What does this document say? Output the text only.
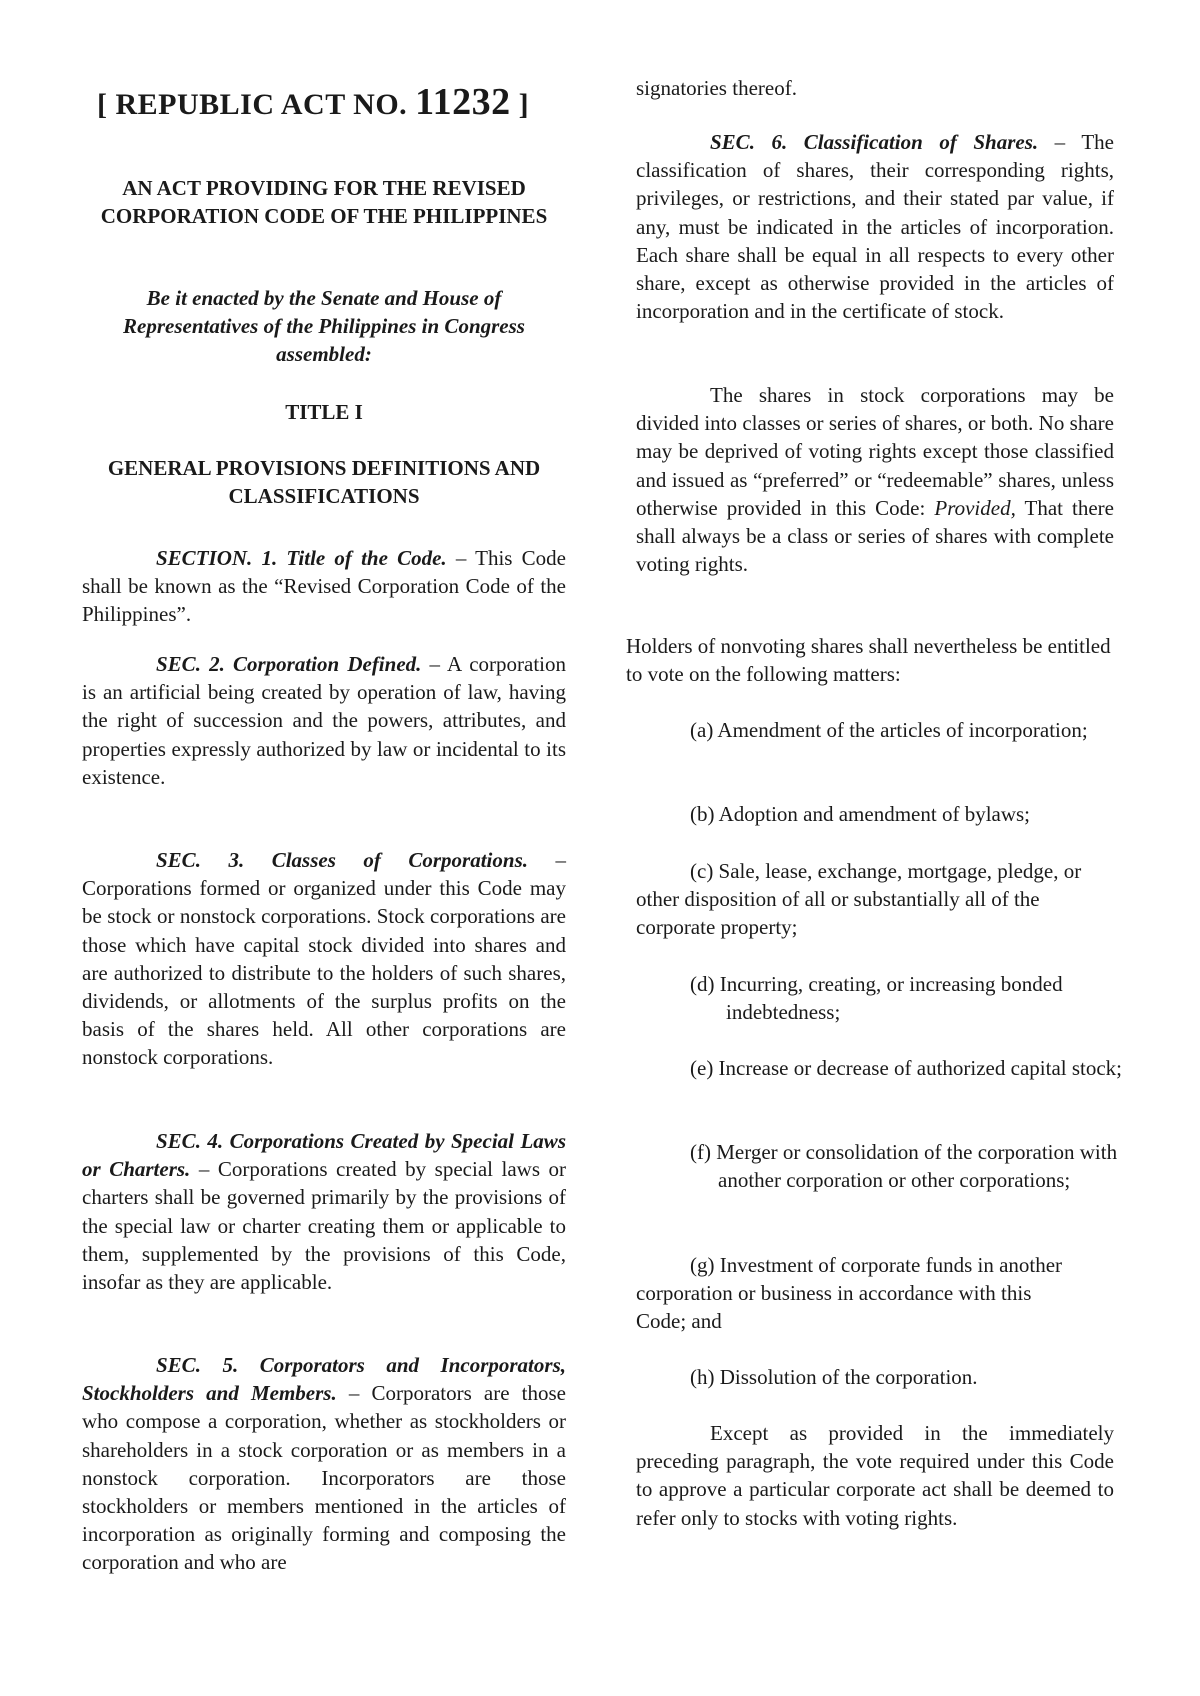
[ REPUBLIC ACT NO. 11232 ]
AN ACT PROVIDING FOR THE REVISED CORPORATION CODE OF THE PHILIPPINES
Be it enacted by the Senate and House of Representatives of the Philippines in Congress assembled:
TITLE I
GENERAL PROVISIONS DEFINITIONS AND CLASSIFICATIONS

SECTION. 1. Title of the Code. – This Code shall be known as the “Revised Corporation Code of the Philippines”.

SEC. 2. Corporation Defined. – A corporation is an artificial being created by operation of law, having the right of succession and the powers, attributes, and properties expressly authorized by law or incidental to its existence.

SEC. 3. Classes of Corporations. – Corporations formed or organized under this Code may be stock or nonstock corporations. Stock corporations are those which have capital stock divided into shares and are authorized to distribute to the holders of such shares, dividends, or allotments of the surplus profits on the basis of the shares held. All other corporations are nonstock corporations.

SEC. 4. Corporations Created by Special Laws or Charters. – Corporations created by special laws or charters shall be governed primarily by the provisions of the special law or charter creating them or applicable to them, supplemented by the provisions of this Code, insofar as they are applicable.

SEC. 5. Corporators and Incorporators, Stockholders and Members. – Corporators are those who compose a corporation, whether as stockholders or shareholders in a stock corporation or as members in a nonstock corporation. Incorporators are those stockholders or members mentioned in the articles of incorporation as originally forming and composing the corporation and who are

signatories thereof.

SEC. 6. Classification of Shares. – The classification of shares, their corresponding rights, privileges, or restrictions, and their stated par value, if any, must be indicated in the articles of incorporation. Each share shall be equal in all respects to every other share, except as otherwise provided in the articles of incorporation and in the certificate of stock.

The shares in stock corporations may be divided into classes or series of shares, or both. No share may be deprived of voting rights except those classified and issued as “preferred” or “redeemable” shares, unless otherwise provided in this Code: Provided, That there shall always be a class or series of shares with complete voting rights.

Holders of nonvoting shares shall nevertheless be entitled to vote on the following matters:

(a) Amendment of the articles of incorporation;

(b) Adoption and amendment of bylaws;

(c) Sale, lease, exchange, mortgage, pledge, or other disposition of all or substantially all of the corporate property;

(d) Incurring, creating, or increasing bonded indebtedness;

(e) Increase or decrease of authorized capital stock;

(f) Merger or consolidation of the corporation with another corporation or other corporations;

(g) Investment of corporate funds in another corporation or business in accordance with this Code; and

(h) Dissolution of the corporation.

Except as provided in the immediately preceding paragraph, the vote required under this Code to approve a particular corporate act shall be deemed to refer only to stocks with voting rights.
